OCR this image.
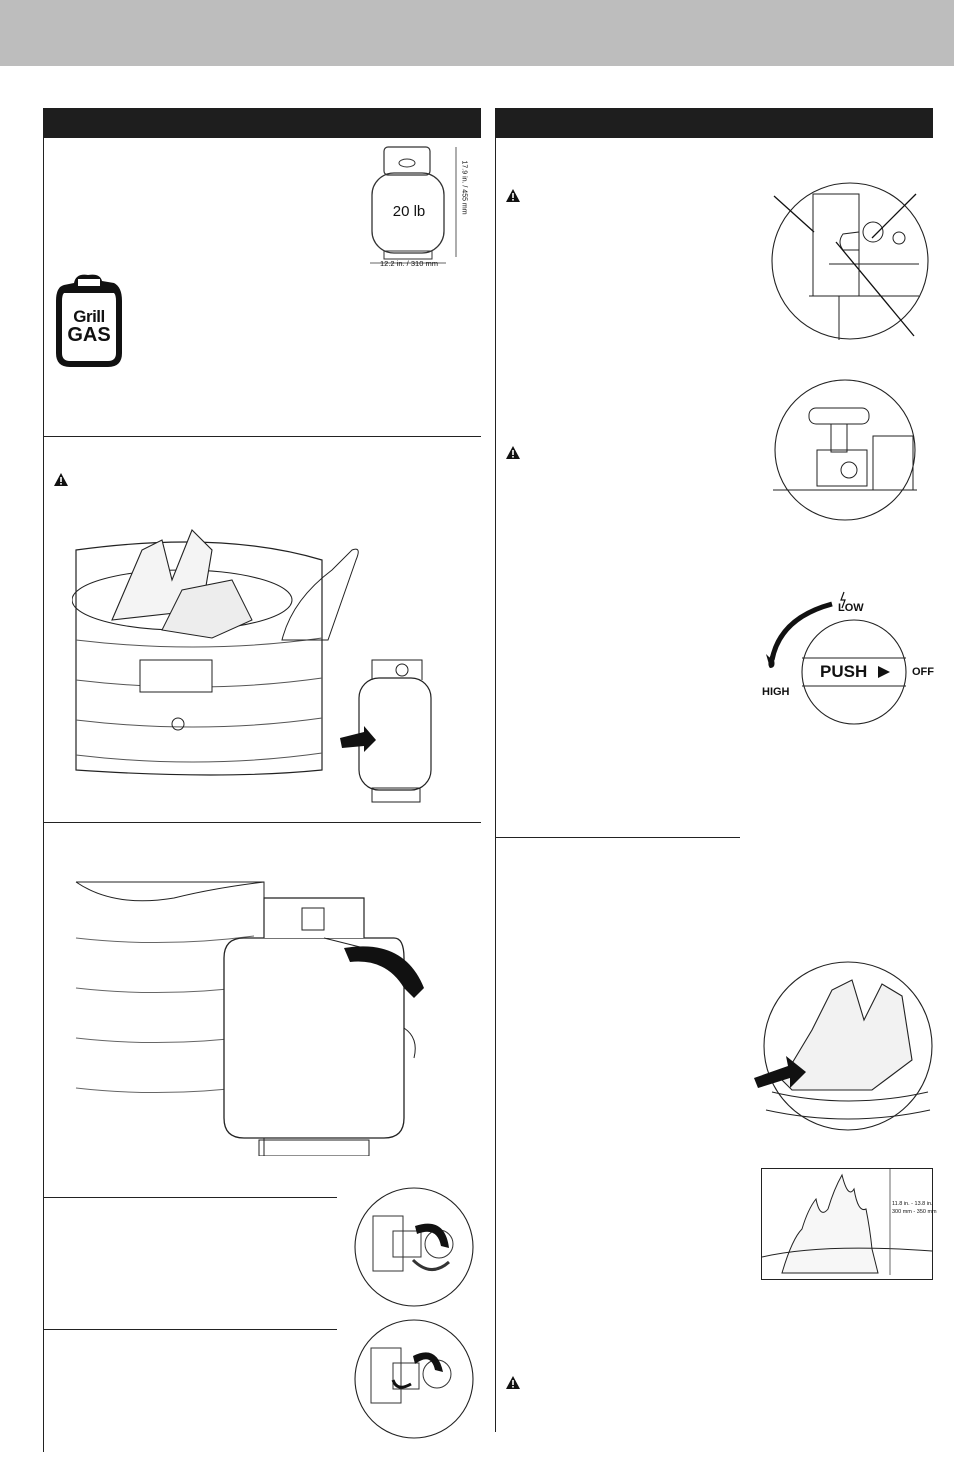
20 lb	17.9 in. / 455 mm
12.2 in. / 310 mm
Grill
GAS
LOW
PUSH	OFF
HIGH
11.8 in. - 13.8 in.
300 mm - 350 mm
